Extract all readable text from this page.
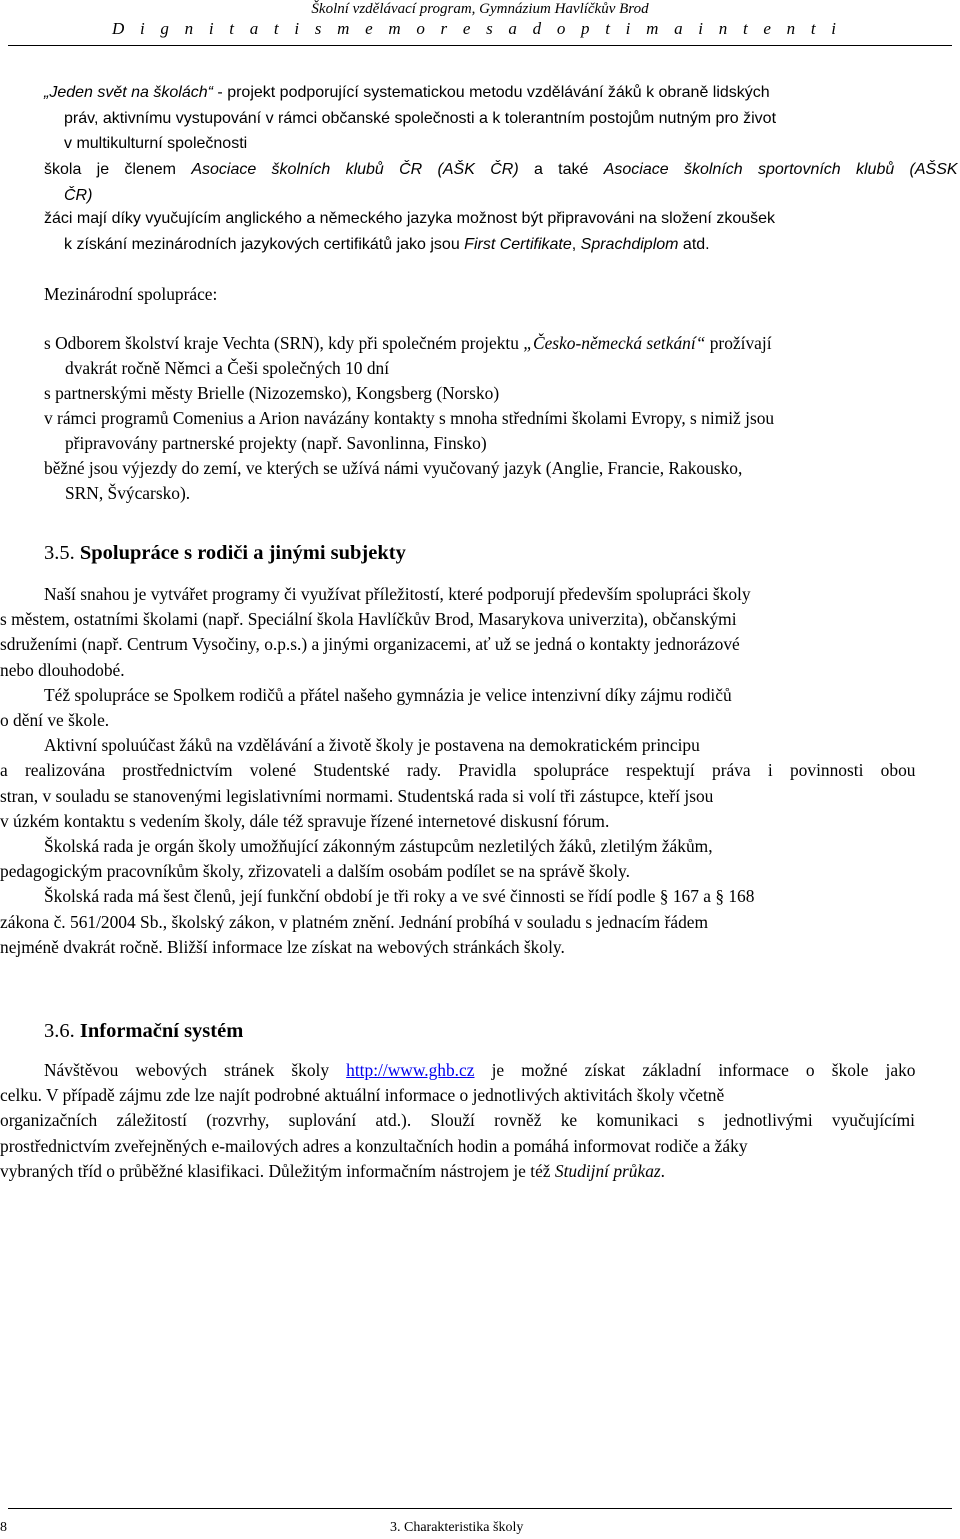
Školní vzdělávací program, Gymnázium Havlíčkův Brod
D i g n i t a t i s m e m o r e s a d o p t i m a i n t e n t i
„Jeden svět na školách“ - projekt podporující systematickou metodu vzdělávání žáků k obraně lidských
práv, aktivnímu vystupování v rámci občanské společnosti a k tolerantním postojům nutným pro život
v multikulturní společnosti
škola je členem Asociace školních klubů ČR (AŠK ČR) a také Asociace školních sportovních klubů (AŠSK
ČR)
žáci mají díky vyučujícím anglického a německého jazyka možnost být připravováni na složení zkoušek
k získání mezinárodních jazykových certifikátů jako jsou First Certifikate, Sprachdiplom atd.
Mezinárodní spolupráce:
s Odborem školství kraje Vechta (SRN), kdy při společném projektu „Česko-německá setkání“ prožívají
dvakrát ročně Němci a Češi společných 10 dní
s partnerskými městy Brielle (Nizozemsko), Kongsberg (Norsko)
v rámci programů Comenius a Arion navázány kontakty s mnoha středními školami Evropy, s nimiž jsou
připravovány partnerské projekty (např. Savonlinna, Finsko)
běžné jsou výjezdy do zemí, ve kterých se užívá námi vyučovaný jazyk (Anglie, Francie, Rakousko,
SRN, Švýcarsko).
3.5. Spolupráce s rodiči a jinými subjekty
Naší snahou je vytvářet programy či využívat příležitostí, které podporují především spolupráci školy
s městem, ostatními školami (např. Speciální škola Havlíčkův Brod, Masarykova univerzita), občanskými
sdruženími (např. Centrum Vysočiny, o.p.s.) a jinými organizacemi, ať už se jedná o kontakty jednorázové
nebo dlouhodobé.
Též spolupráce se Spolkem rodičů a přátel našeho gymnázia je velice intenzivní díky zájmu rodičů
o dění ve škole.
Aktivní spoluúčast žáků na vzdělávání a životě školy je postavena na demokratickém principu
a realizována prostřednictvím volené Studentské rady. Pravidla spolupráce respektují práva i povinnosti obou
stran, v souladu se stanovenými legislativními normami. Studentská rada si volí tři zástupce, kteří jsou
v úzkém kontaktu s vedením školy, dále též spravuje řízené internetové diskusní fórum.
Školská rada je orgán školy umožňující zákonným zástupcům nezletilých žáků, zletilým žákům,
pedagogickým pracovníkům školy, zřizovateli a dalším osobám podílet se na správě školy.
Školská rada má šest členů, její funkční období je tři roky a ve své činnosti se řídí podle § 167 a § 168
zákona č. 561/2004 Sb., školský zákon, v platném znění. Jednání probíhá v souladu s jednacím řádem
nejméně dvakrát ročně. Bližší informace lze získat na webových stránkách školy.
3.6. Informační systém
Návštěvou webových stránek školy http://www.ghb.cz je možné získat základní informace o škole jako
celku. V případě zájmu zde lze najít podrobné aktuální informace o jednotlivých aktivitách školy včetně
organizačních záležitostí (rozvrhy, suplování atd.). Slouží rovněž ke komunikaci s jednotlivými vyučujícími
prostřednictvím zveřejněných e-mailových adres a konzultačních hodin a pomáhá informovat rodiče a žáky
vybraných tříd o průběžné klasifikaci. Důležitým informačním nástrojem je též Studijní průkaz.
8	3. Charakteristika školy
